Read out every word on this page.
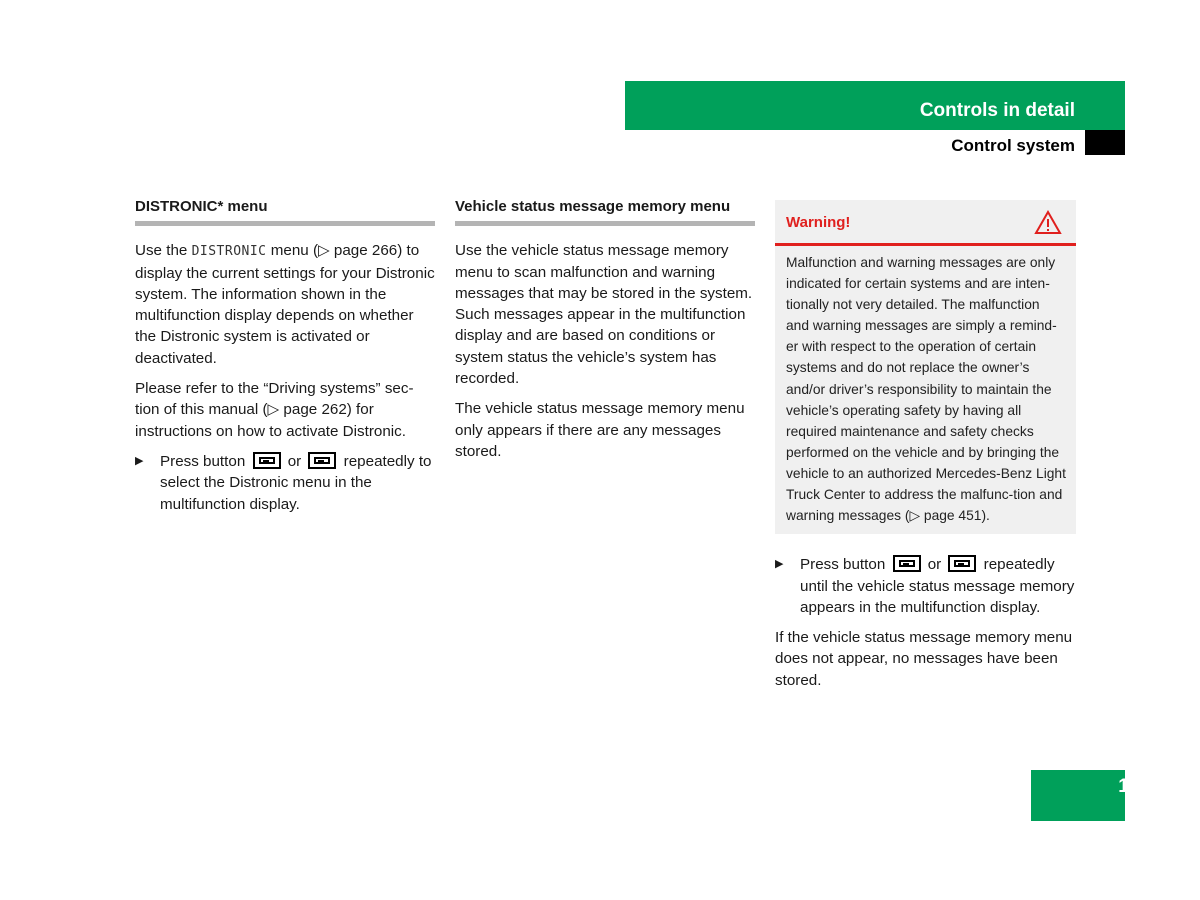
Controls in detail
Control system
DISTRONIC* menu

Use the DISTRONIC menu (▷ page 266) to display the current settings for your Distronic system. The information shown in the multifunction display depends on whether the Distronic system is activated or deactivated.

Please refer to the “Driving systems” sec-tion of this manual (▷ page 262) for instructions on how to activate Distronic.

▶ Press button  or  repeatedly to select the Distronic menu in the multifunction display.
Vehicle status message memory menu

Use the vehicle status message memory menu to scan malfunction and warning messages that may be stored in the system. Such messages appear in the multifunction display and are based on conditions or system status the vehicle’s system has recorded.

The vehicle status message memory menu only appears if there are any messages stored.

Warning!
Malfunction and warning messages are only indicated for certain systems and are inten-tionally not very detailed. The malfunction and warning messages are simply a remind-er with respect to the operation of certain systems and do not replace the owner’s and/or driver’s responsibility to maintain the vehicle’s operating safety by having all required maintenance and safety checks performed on the vehicle and by bringing the vehicle to an authorized Mercedes-Benz Light Truck Center to address the malfunc-tion and warning messages (▷ page 451).
▶ Press button  or  repeatedly until the vehicle status message memory appears in the multifunction display.

If the vehicle status message memory menu does not appear, no messages have been stored.

169
